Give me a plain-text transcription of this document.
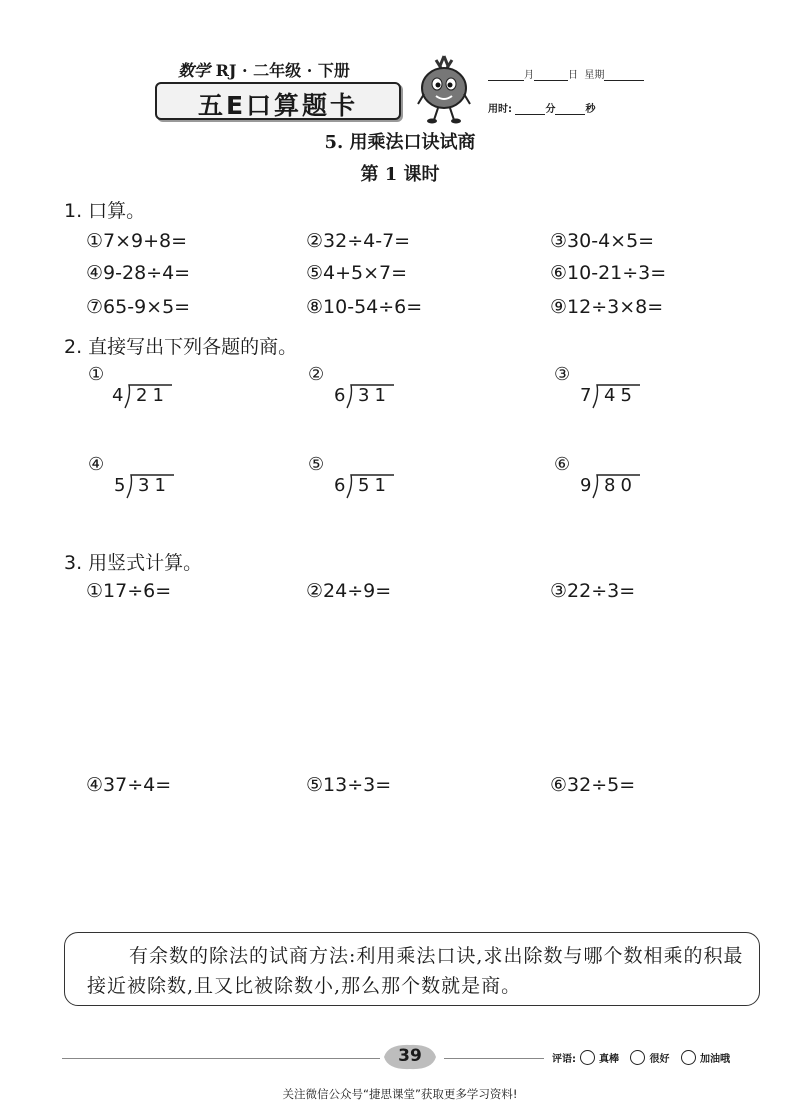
数学 RJ · 二年级 · 下册
五E口算题卡
月	日 星期
用时:	分	秒
5. 用乘法口诀试商
第 1 课时
1. 口算。
①7×9+8=	②32÷4-7=	③30-4×5=
④9-28÷4=	⑤4+5×7=	⑥10-21÷3=
⑦65-9×5=	⑧10-54÷6=	⑨12÷3×8=
2. 直接写出下列各题的商。
①
4 21
②
6 31
③
7 45
④
5 31
⑤
6 51
⑥
9 80
3. 用竖式计算。
①17÷6=	②24÷9=	③22÷3=
④37÷4=	⑤13÷3=	⑥32÷5=
有余数的除法的试商方法:利用乘法口诀,求出除数与哪个数相乘的积最接近被除数,且又比被除数小,那么那个数就是商。
39	评语: 真棒
	很好
	加油哦
关注微信公众号“捷思课堂”获取更多学习资料!
